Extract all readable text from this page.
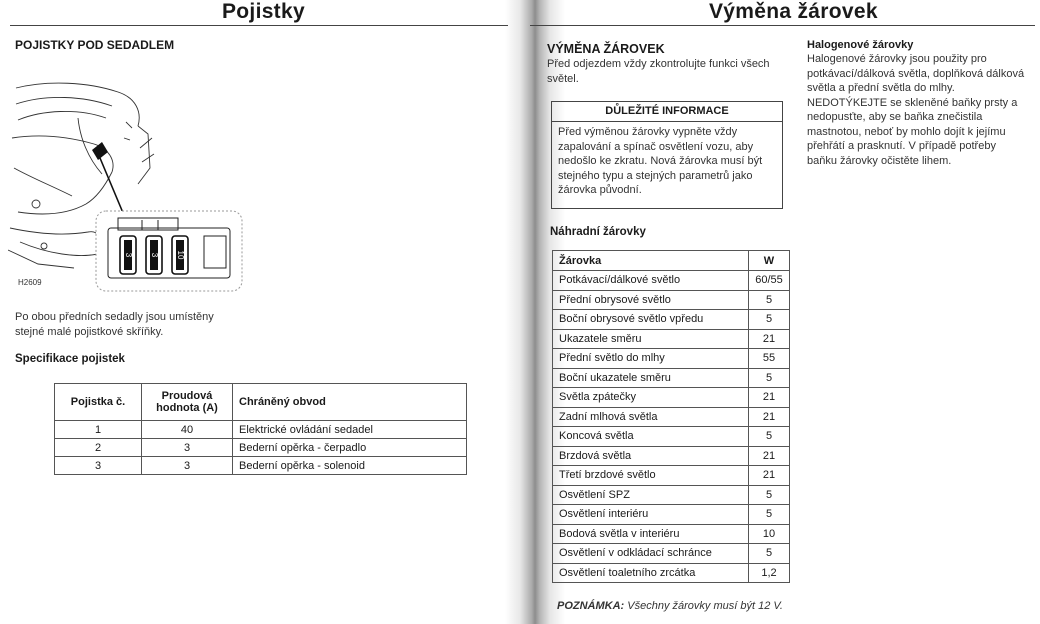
Pojistky
POJISTKY POD SEDADLEM
3 3 10
H2609
Po obou předních sedadly jsou umístěny stejné malé pojistkové skříňky.
Specifikace pojistek
Pojistka č.	Proudová hodnota (A)	Chráněný obvod
1	40	Elektrické ovládání sedadel
2	3	Bederní opěrka - čerpadlo
3	3	Bederní opěrka - solenoid
Výměna žárovek
VÝMĚNA ŽÁROVEK
Před odjezdem vždy zkontrolujte funkci všech světel.
DŮLEŽITÉ INFORMACE
Před výměnou žárovky vypněte vždy zapalování a spínač osvětlení vozu, aby nedošlo ke zkratu. Nová žárovka musí být stejného typu a stejných parametrů jako žárovka původní.
Náhradní žárovky
Žárovka	W
Potkávací/dálkové světlo	60/55
Přední obrysové světlo	5
Boční obrysové světlo vpředu	5
Ukazatele směru	21
Přední světlo do mlhy	55
Boční ukazatele směru	5
Světla zpátečky	21
Zadní mlhová světla	21
Koncová světla	5
Brzdová světla	21
Třetí brzdové světlo	21
Osvětlení SPZ	5
Osvětlení interiéru	5
Bodová světla v interiéru	10
Osvětlení v odkládací schránce	5
Osvětlení toaletního zrcátka	1,2
POZNÁMKA: Všechny žárovky musí být 12 V.
Halogenové žárovky
Halogenové žárovky jsou použity pro potkávací/dálková světla, doplňková dálková světla a přední světla do mlhy. NEDOTÝKEJTE se skleněné baňky prsty a nedopusťte, aby se baňka znečistila mastnotou, neboť by mohlo dojít k jejímu přehřátí a prasknutí. V případě potřeby baňku žárovky očistěte lihem.
